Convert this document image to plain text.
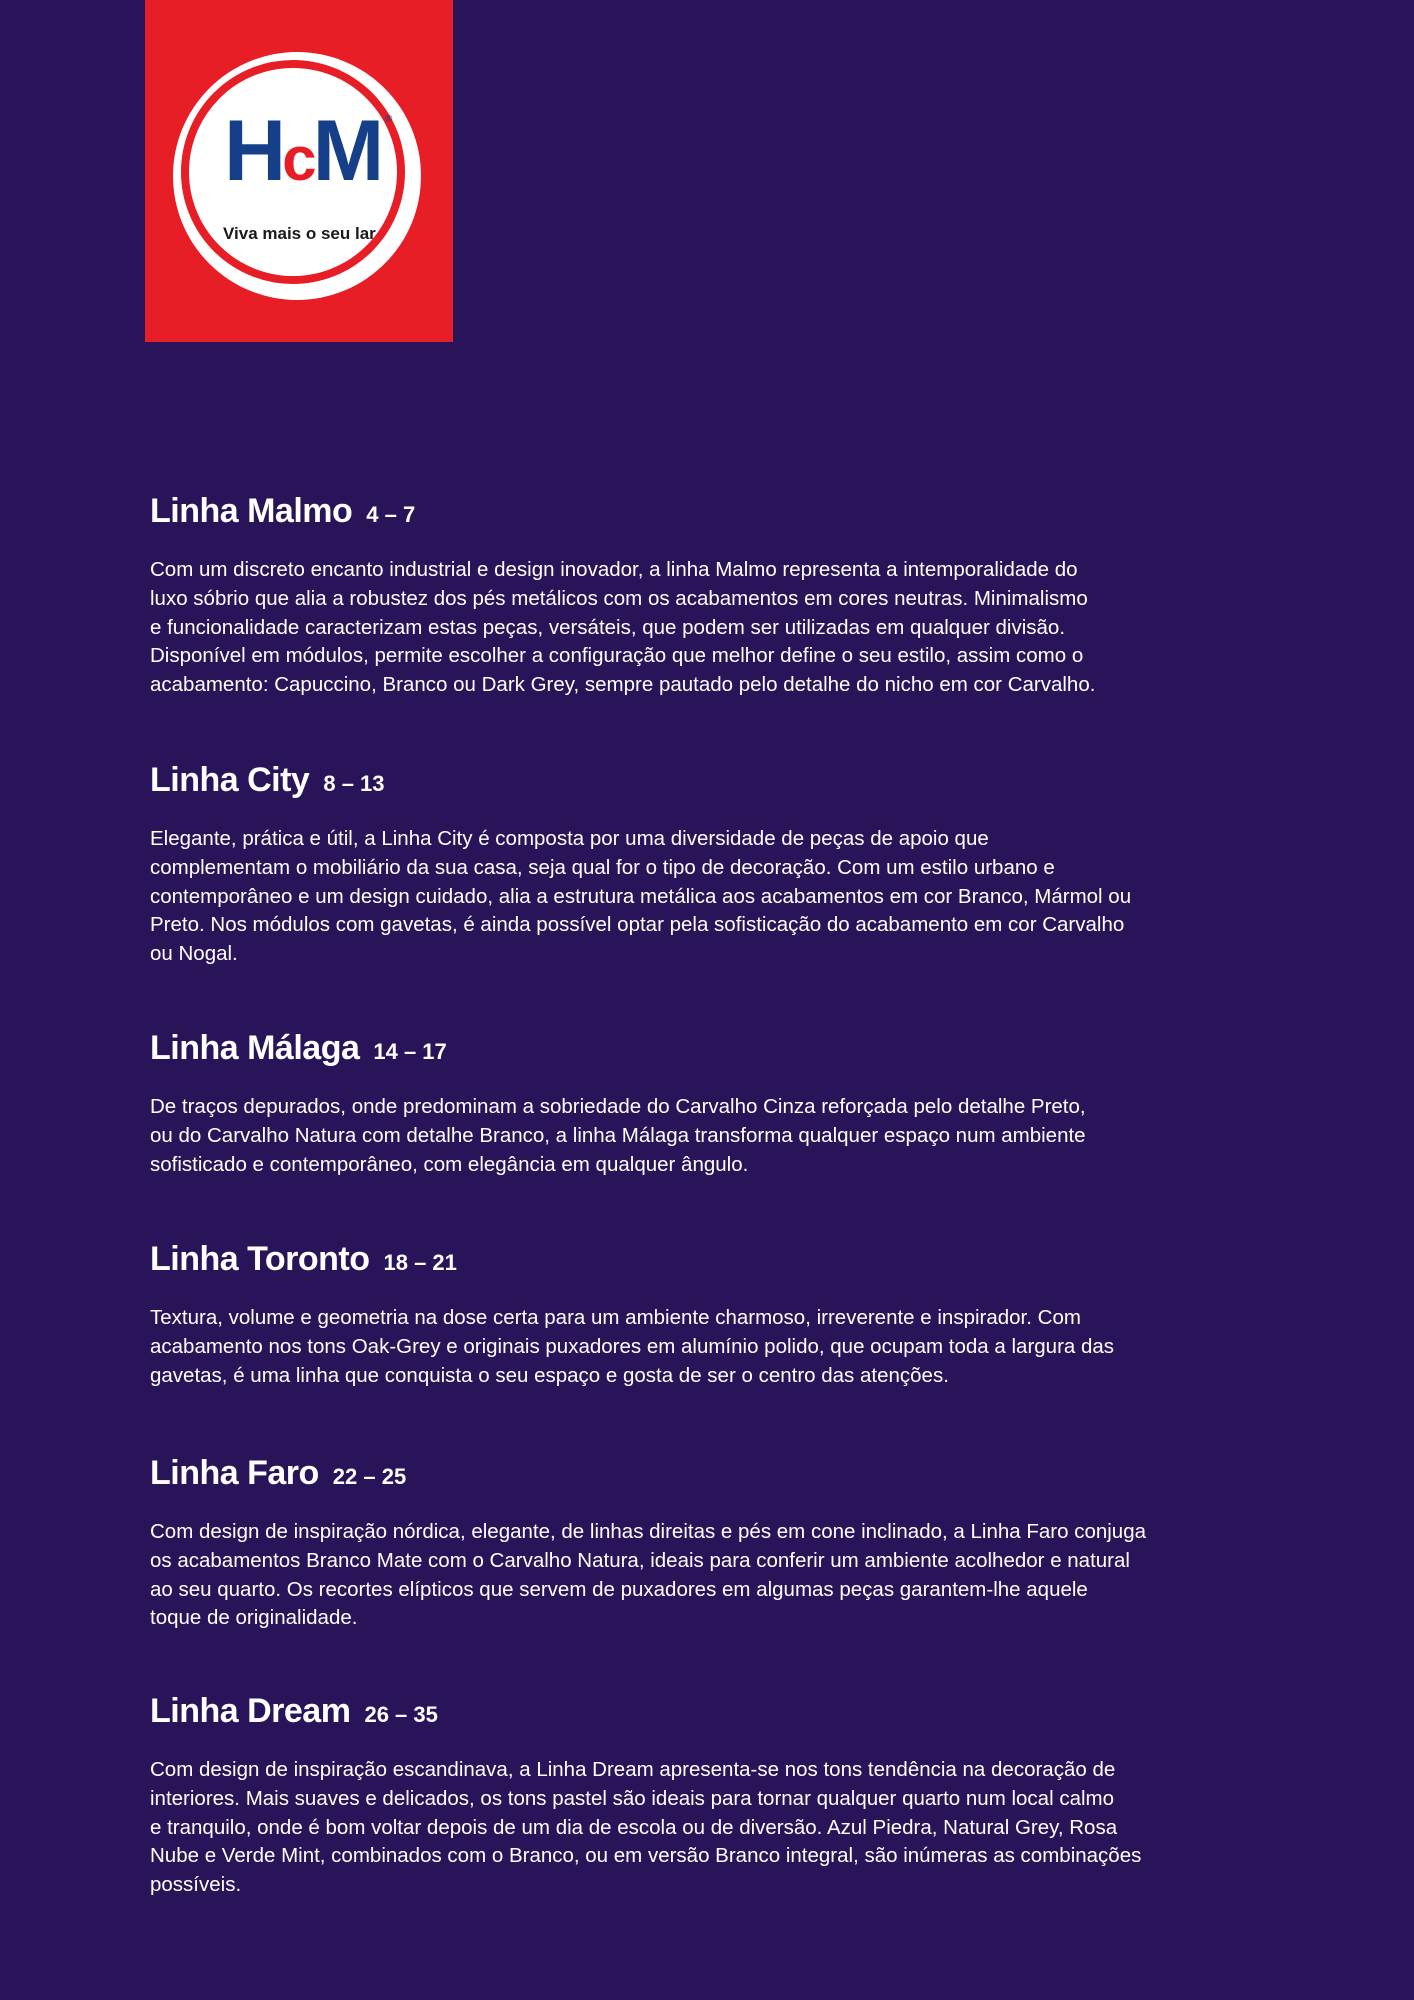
HcM ®
Viva mais o seu lar
Linha Malmo 4 – 7
Com um discreto encanto industrial e design inovador, a linha Malmo representa a intemporalidade do
luxo sóbrio que alia a robustez dos pés metálicos com os acabamentos em cores neutras. Minimalismo
e funcionalidade caracterizam estas peças, versáteis, que podem ser utilizadas em qualquer divisão.
Disponível em módulos, permite escolher a configuração que melhor define o seu estilo, assim como o
acabamento: Capuccino, Branco ou Dark Grey, sempre pautado pelo detalhe do nicho em cor Carvalho.
Linha City 8 – 13
Elegante, prática e útil, a Linha City é composta por uma diversidade de peças de apoio que
complementam o mobiliário da sua casa, seja qual for o tipo de decoração. Com um estilo urbano e
contemporâneo e um design cuidado, alia a estrutura metálica aos acabamentos em cor Branco, Mármol ou
Preto. Nos módulos com gavetas, é ainda possível optar pela sofisticação do acabamento em cor Carvalho
ou Nogal.
Linha Málaga 14 – 17
De traços depurados, onde predominam a sobriedade do Carvalho Cinza reforçada pelo detalhe Preto,
ou do Carvalho Natura com detalhe Branco, a linha Málaga transforma qualquer espaço num ambiente
sofisticado e contemporâneo, com elegância em qualquer ângulo.
Linha Toronto 18 – 21
Textura, volume e geometria na dose certa para um ambiente charmoso, irreverente e inspirador. Com
acabamento nos tons Oak-Grey e originais puxadores em alumínio polido, que ocupam toda a largura das
gavetas, é uma linha que conquista o seu espaço e gosta de ser o centro das atenções.
Linha Faro 22 – 25
Com design de inspiração nórdica, elegante, de linhas direitas e pés em cone inclinado, a Linha Faro conjuga
os acabamentos Branco Mate com o Carvalho Natura, ideais para conferir um ambiente acolhedor e natural
ao seu quarto. Os recortes elípticos que servem de puxadores em algumas peças garantem-lhe aquele
toque de originalidade.
Linha Dream 26 – 35
Com design de inspiração escandinava, a Linha Dream apresenta-se nos tons tendência na decoração de
interiores. Mais suaves e delicados, os tons pastel são ideais para tornar qualquer quarto num local calmo
e tranquilo, onde é bom voltar depois de um dia de escola ou de diversão. Azul Piedra, Natural Grey, Rosa
Nube e Verde Mint, combinados com o Branco, ou em versão Branco integral, são inúmeras as combinações
possíveis.
